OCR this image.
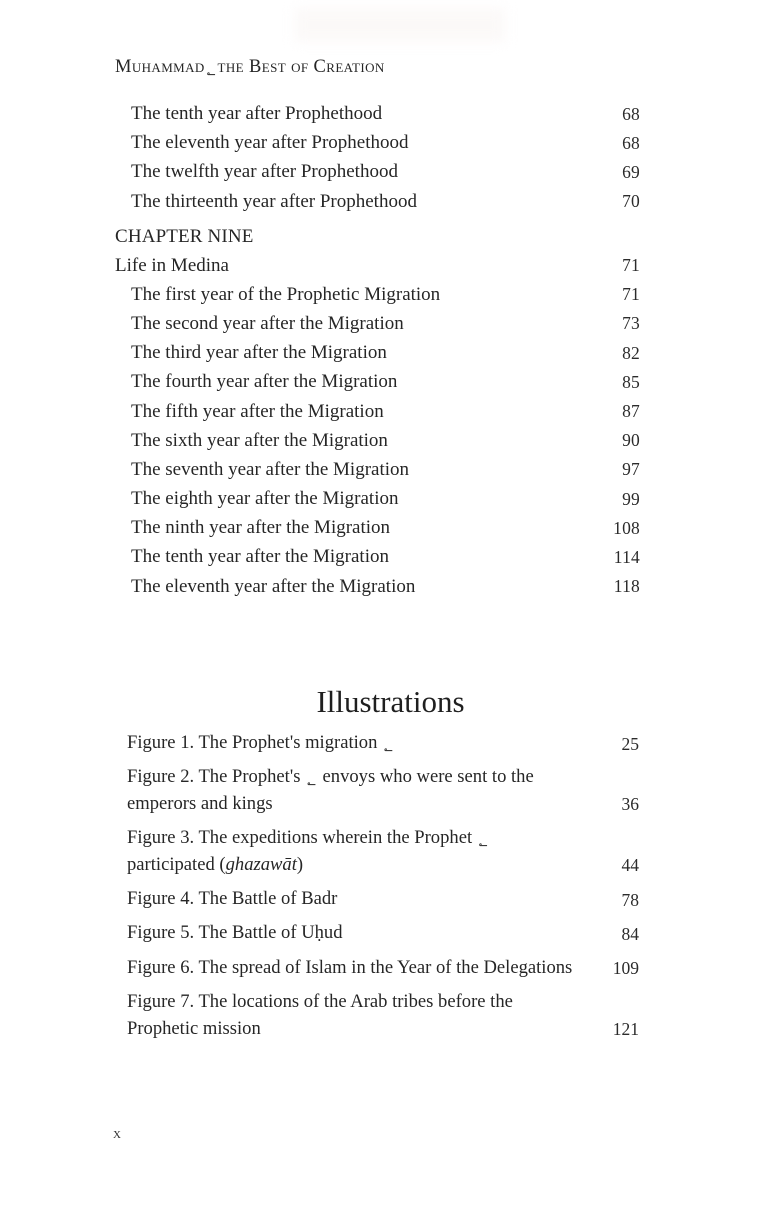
Muhammad ؂ the Best of Creation
The tenth year after Prophethood	68
The eleventh year after Prophethood	68
The twelfth year after Prophethood	69
The thirteenth year after Prophethood	70
CHAPTER NINE
Life in Medina	71
The first year of the Prophetic Migration	71
The second year after the Migration	73
The third year after the Migration	82
The fourth year after the Migration	85
The fifth year after the Migration	87
The sixth year after the Migration	90
The seventh year after the Migration	97
The eighth year after the Migration	99
The ninth year after the Migration	108
The tenth year after the Migration	114
The eleventh year after the Migration	118
Illustrations
Figure 1. The Prophet's migration ؂	25
Figure 2. The Prophet's ؂ envoys who were sent to the emperors and kings	36
Figure 3. The expeditions wherein the Prophet ؂ participated (ghazawāt)	44
Figure 4. The Battle of Badr	78
Figure 5. The Battle of Uḥud	84
Figure 6. The spread of Islam in the Year of the Delegations	109
Figure 7. The locations of the Arab tribes before the Prophetic mission	121
x
